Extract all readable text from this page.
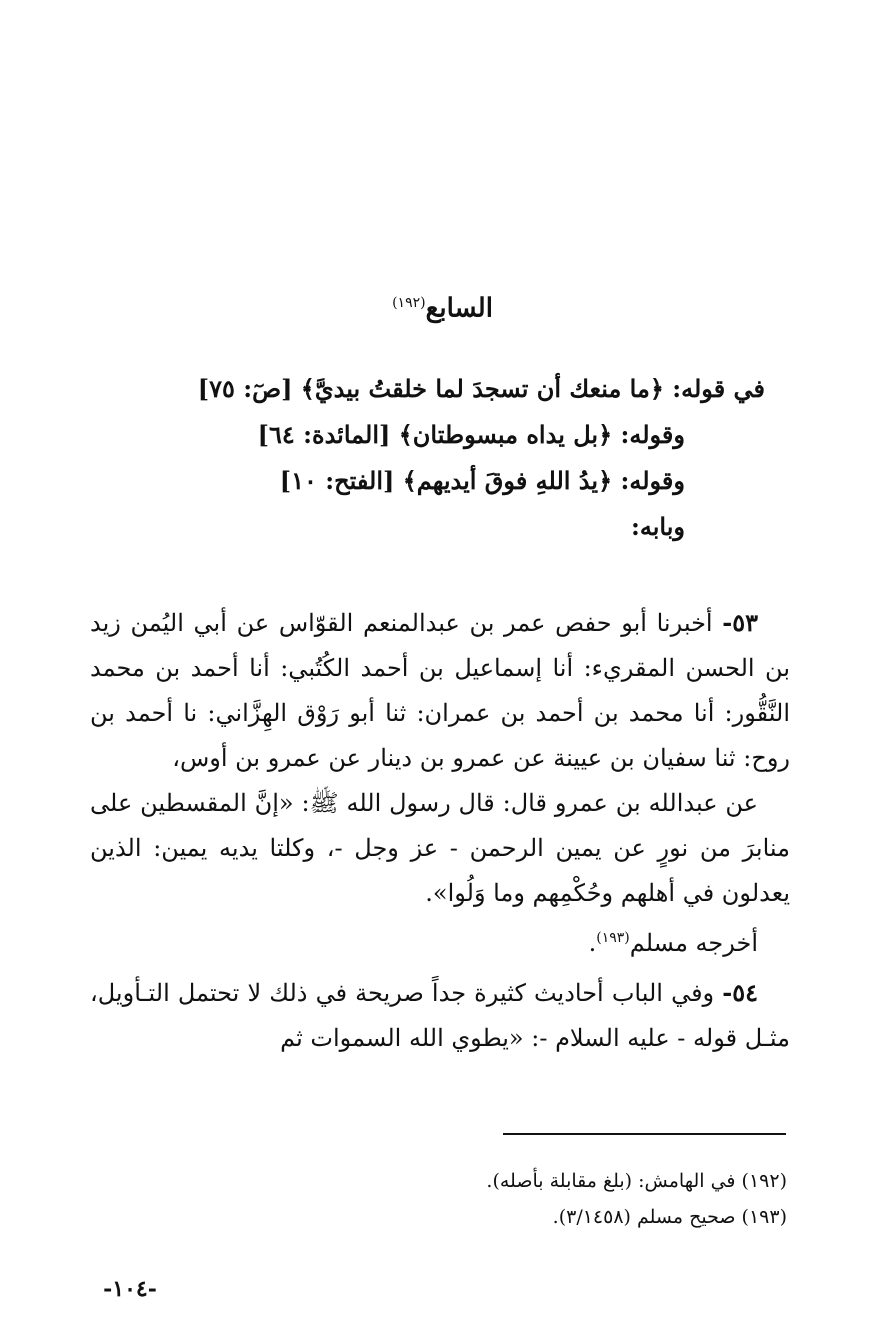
السابع$^{(١٩٢)}$
في قوله: ﴿ما منعك أن تسجدَ لما خلقتُ بيديَّ﴾ [صٓ: ٧٥]
وقوله: ﴿بل يداه مبسوطتان﴾ [المائدة: ٦٤]
وقوله: ﴿يدُ اللهِ فوقَ أيديهم﴾ [الفتح: ١٠]
وبابه:

٥٣- أخبرنا أبو حفص عمر بن عبدالمنعم القوّاس عن أبي اليُمن زيد بن الحسن المقريء: أنا إسماعيل بن أحمد الكُتُبي: أنا أحمد بن محمد النَّقُّور: أنا محمد بن أحمد بن عمران: ثنا أبو رَوْق الهِزَّاني: نا أحمد بن روح: ثنا سفيان بن عيينة عن عمرو بن دينار عن عمرو بن أوس،

عن عبدالله بن عمرو قال: قال رسول الله ﷺ: «إنَّ المقسطين على منابرَ من نورٍ عن يمين الرحمن - عز وجل -، وكلتا يديه يمين: الذين يعدلون في أهلهم وحُكْمِهم وما وَلُوا».

أخرجه مسلم$^{(١٩٣)}$.

٥٤- وفي الباب أحاديث كثيرة جداً صريحة في ذلك لا تحتمل التـأويل، مثـل قوله - عليه السلام -: «يطوي الله السموات ثم

(١٩٢) في الهامش: (بلغ مقابلة بأصله).
(١٩٣) صحيح مسلم (٣/١٤٥٨).
-١٠٤-
